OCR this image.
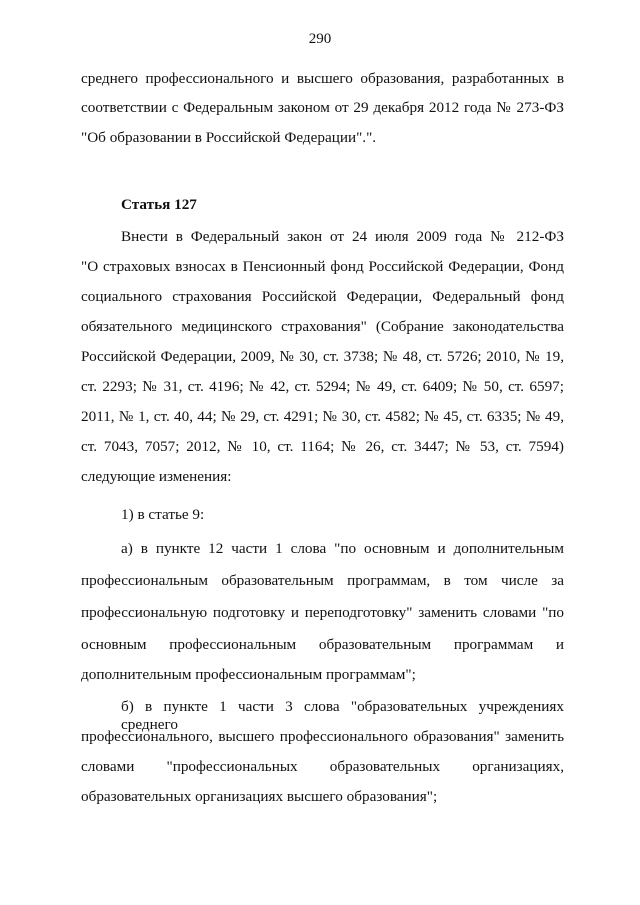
290
среднего профессионального и высшего образования, разработанных в
соответствии с Федеральным законом от 29 декабря 2012 года № 273-ФЗ
"Об образовании в Российской Федерации".".
Статья 127
Внести в Федеральный закон от 24 июля 2009 года № 212-ФЗ
"О страховых взносах в Пенсионный фонд Российской Федерации, Фонд
социального страхования Российской Федерации, Федеральный фонд
обязательного медицинского страхования" (Собрание законодательства
Российской Федерации, 2009, № 30, ст. 3738; № 48, ст. 5726; 2010, № 19,
ст. 2293; № 31, ст. 4196; № 42, ст. 5294; № 49, ст. 6409; № 50, ст. 6597;
2011, № 1, ст. 40, 44; № 29, ст. 4291; № 30, ст. 4582; № 45, ст. 6335; № 49,
ст. 7043, 7057; 2012, № 10, ст. 1164; № 26, ст. 3447; № 53, ст. 7594)
следующие изменения:
1) в статье 9:
а) в пункте 12 части 1 слова "по основным и дополнительным
профессиональным образовательным программам, в том числе за
профессиональную подготовку и переподготовку" заменить словами "по
основным профессиональным образовательным программам и
дополнительным профессиональным программам";
б) в пункте 1 части 3 слова "образовательных учреждениях среднего
профессионального, высшего профессионального образования" заменить
словами "профессиональных образовательных организациях,
образовательных организациях высшего образования";
